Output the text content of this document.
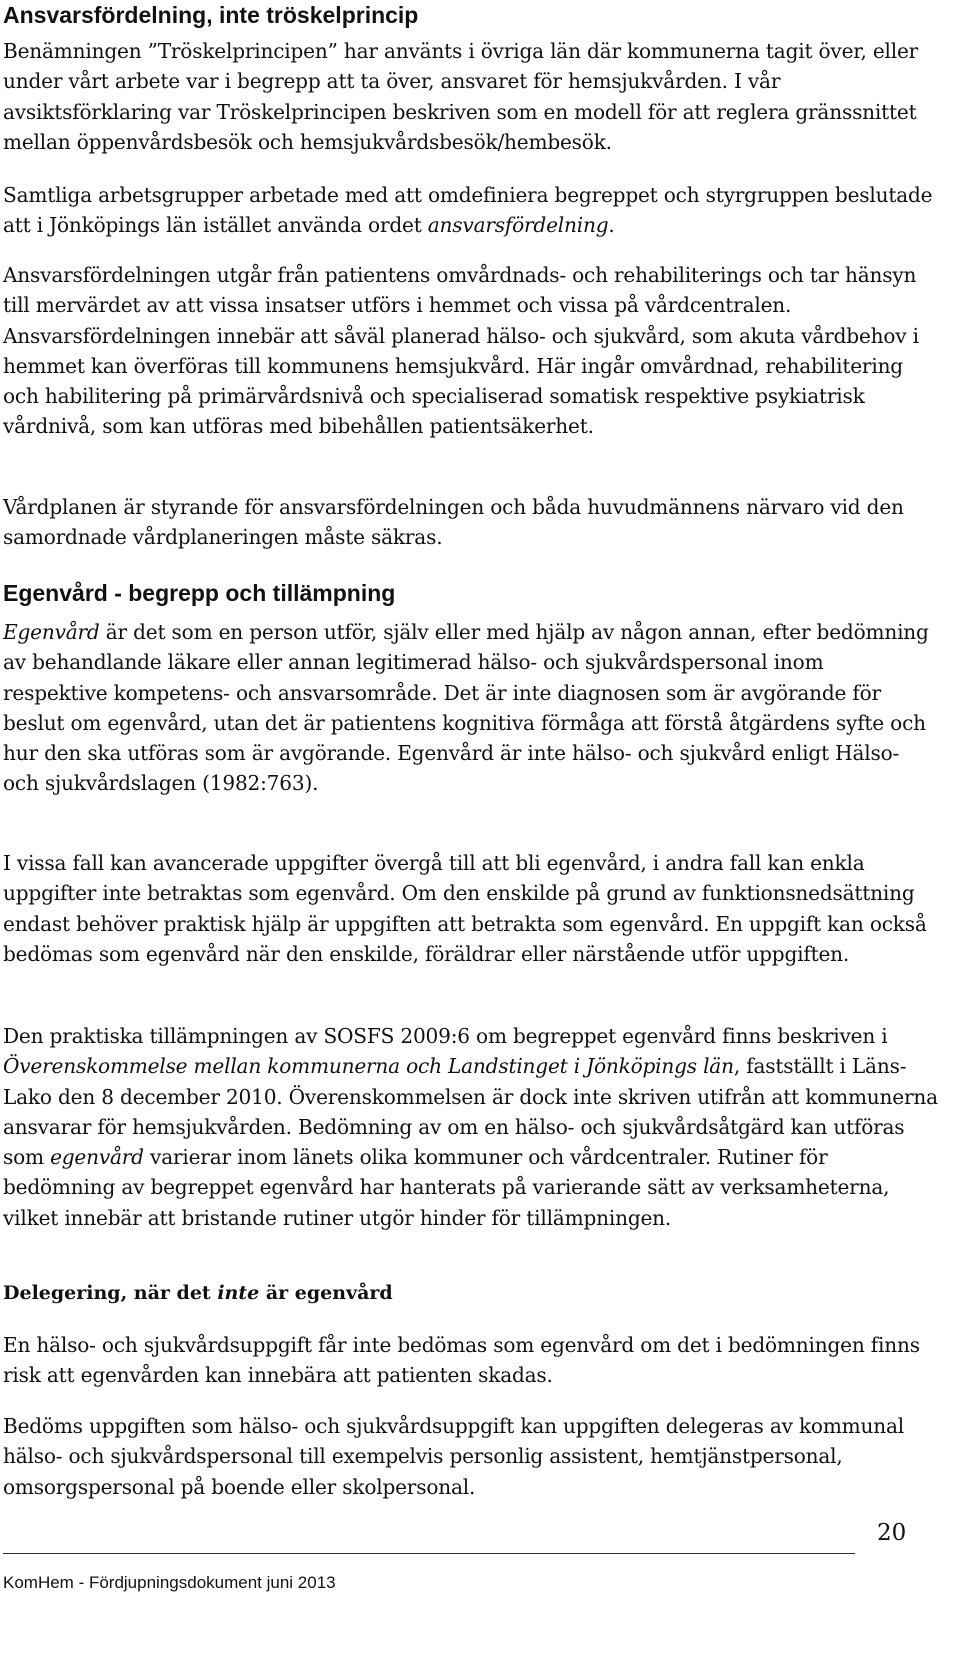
Ansvarsfördelning, inte tröskelprincip

Benämningen ”Tröskelprincipen” har använts i övriga län där kommunerna tagit över, eller under vårt arbete var i begrepp att ta över, ansvaret för hemsjukvården. I vår avsiktsförklaring var Tröskelprincipen beskriven som en modell för att reglera gränssnittet mellan öppenvårdsbesök och hemsjukvårdsbesök/hembesök.

Samtliga arbetsgrupper arbetade med att omdefiniera begreppet och styrgruppen beslutade att i Jönköpings län istället använda ordet ansvarsfördelning.

Ansvarsfördelningen utgår från patientens omvårdnads- och rehabiliterings och tar hänsyn till mervärdet av att vissa insatser utförs i hemmet och vissa på vårdcentralen. Ansvarsfördelningen innebär att såväl planerad hälso- och sjukvård, som akuta vårdbehov i hemmet kan överföras till kommunens hemsjukvård. Här ingår omvårdnad, rehabilitering och habilitering på primärvårdsnivå och specialiserad somatisk respektive psykiatrisk vårdnivå, som kan utföras med bibehållen patientsäkerhet.

Vårdplanen är styrande för ansvarsfördelningen och båda huvudmännens närvaro vid den samordnade vårdplaneringen måste säkras.

Egenvård - begrepp och tillämpning

Egenvård är det som en person utför, själv eller med hjälp av någon annan, efter bedömning av behandlande läkare eller annan legitimerad hälso- och sjukvårdspersonal inom respektive kompetens- och ansvarsområde. Det är inte diagnosen som är avgörande för beslut om egenvård, utan det är patientens kognitiva förmåga att förstå åtgärdens syfte och hur den ska utföras som är avgörande. Egenvård är inte hälso- och sjukvård enligt Hälso- och sjukvårdslagen (1982:763).

I vissa fall kan avancerade uppgifter övergå till att bli egenvård, i andra fall kan enkla uppgifter inte betraktas som egenvård. Om den enskilde på grund av funktionsnedsättning endast behöver praktisk hjälp är uppgiften att betrakta som egenvård. En uppgift kan också bedömas som egenvård när den enskilde, föräldrar eller närstående utför uppgiften.

Den praktiska tillämpningen av SOSFS 2009:6 om begreppet egenvård finns beskriven i Överenskommelse mellan kommunerna och Landstinget i Jönköpings län, fastställt i Läns-Lako den 8 december 2010. Överenskommelsen är dock inte skriven utifrån att kommunerna ansvarar för hemsjukvården. Bedömning av om en hälso- och sjukvårdsåtgärd kan utföras som egenvård varierar inom länets olika kommuner och vårdcentraler. Rutiner för bedömning av begreppet egenvård har hanterats på varierande sätt av verksamheterna, vilket innebär att bristande rutiner utgör hinder för tillämpningen.

Delegering, när det inte är egenvård

En hälso- och sjukvårdsuppgift får inte bedömas som egenvård om det i bedömningen finns risk att egenvården kan innebära att patienten skadas.

Bedöms uppgiften som hälso- och sjukvårdsuppgift kan uppgiften delegeras av kommunal hälso- och sjukvårdspersonal till exempelvis personlig assistent, hemtjänstpersonal, omsorgspersonal på boende eller skolpersonal.

KomHem - Fördjupningsdokument juni 2013
20
